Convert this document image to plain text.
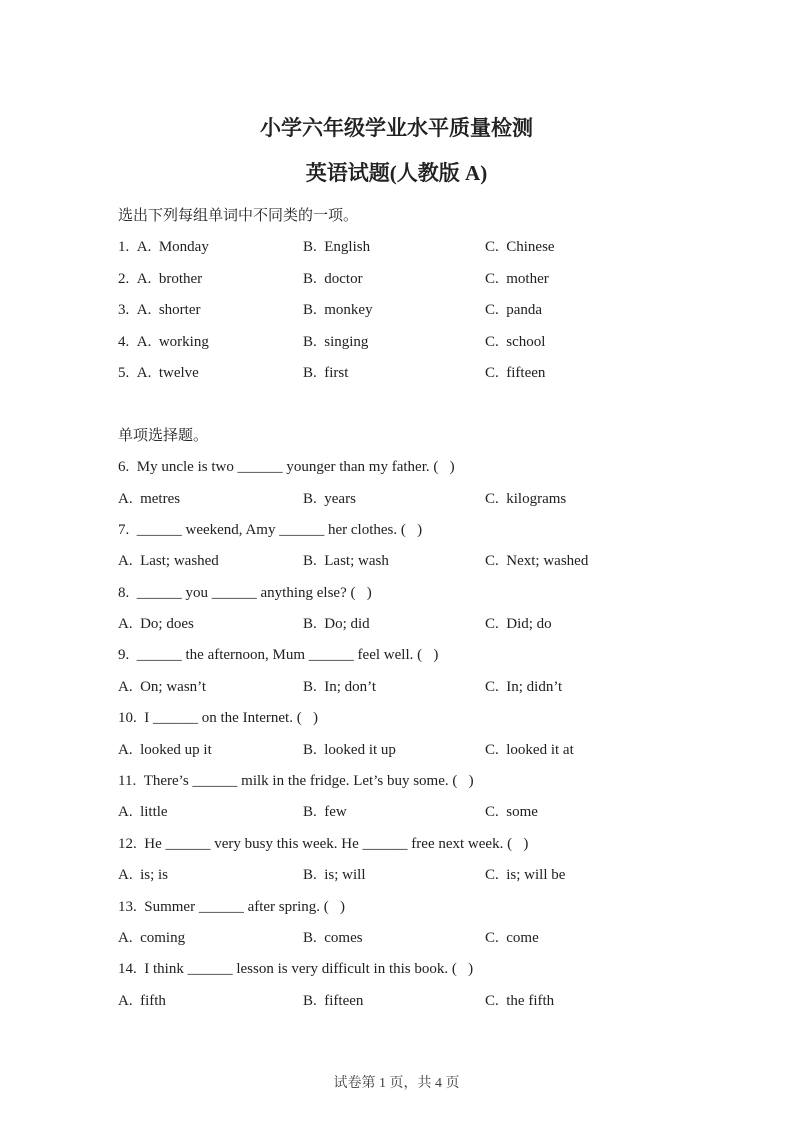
小学六年级学业水平质量检测
英语试题(人教版 A)
选出下列每组单词中不同类的一项。
1.  A.  Monday	B.  English	C.  Chinese
2.  A.  brother	B.  doctor	C.  mother
3.  A.  shorter	B.  monkey	C.  panda
4.  A.  working	B.  singing	C.  school
5.  A.  twelve	B.  first	C.  fifteen
单项选择题。
6.  My uncle is two ______ younger than my father. (   )
A.  metres	B.  years	C.  kilograms
7.  ______ weekend, Amy ______ her clothes. (   )
A.  Last; washed	B.  Last; wash	C.  Next; washed
8.  ______ you ______ anything else? (   )
A.  Do; does	B.  Do; did	C.  Did; do
9.  ______ the afternoon, Mum ______ feel well. (   )
A.  On; wasn’t	B.  In; don’t	C.  In; didn’t
10.  I ______ on the Internet. (   )
A.  looked up it	B.  looked it up	C.  looked it at
11.  There’s ______ milk in the fridge. Let’s buy some. (   )
A.  little	B.  few	C.  some
12.  He ______ very busy this week. He ______ free next week. (   )
A.  is; is	B.  is; will	C.  is; will be
13.  Summer ______ after spring. (   )
A.  coming	B.  comes	C.  come
14.  I think ______ lesson is very difficult in this book. (   )
A.  fifth	B.  fifteen	C.  the fifth
试卷第 1 页，共 4 页
